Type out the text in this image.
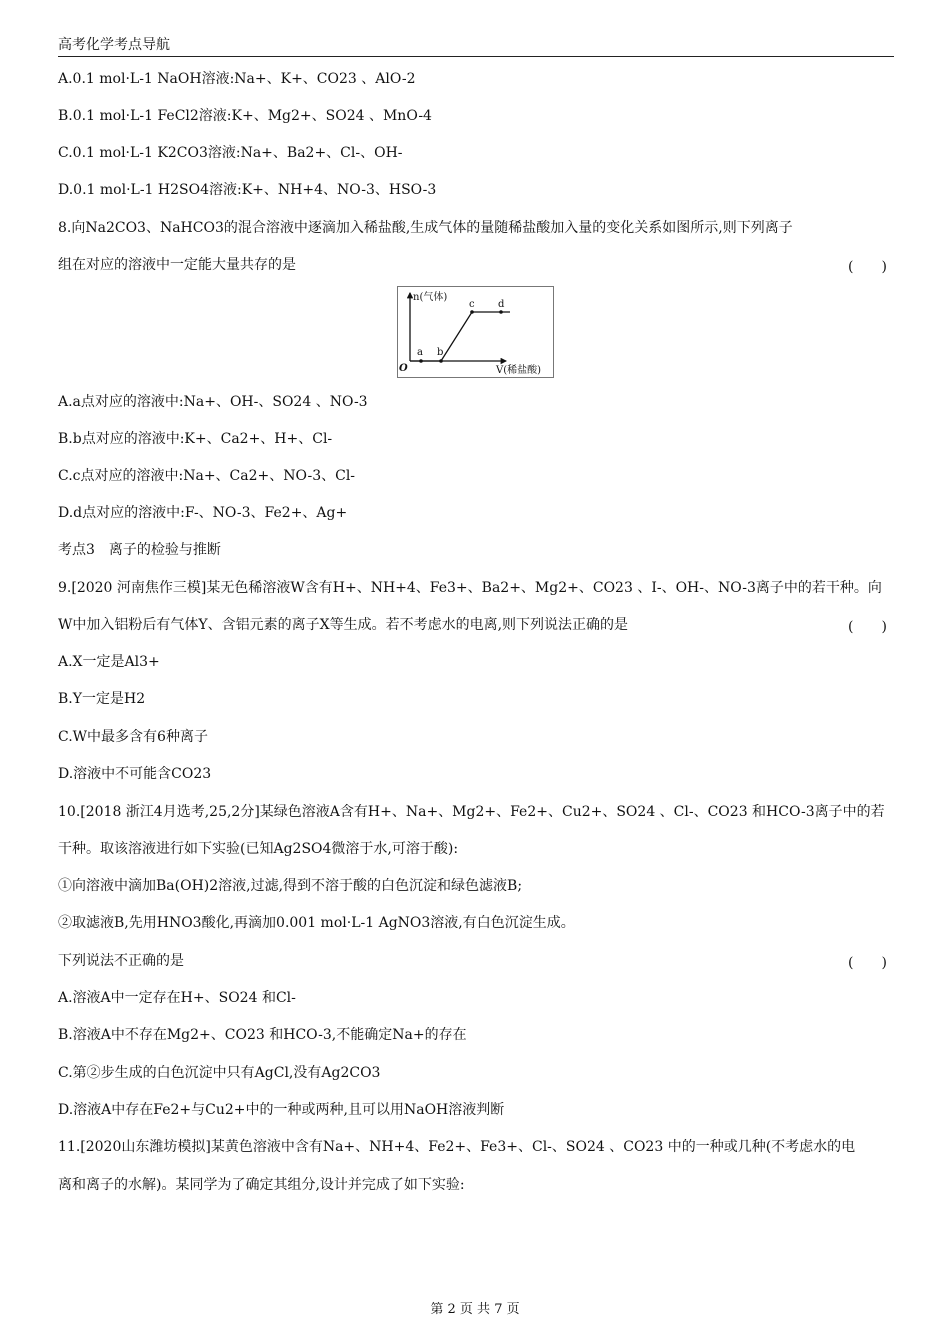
高考化学考点导航
A.0.1 mol·L-1 NaOH溶液:Na+、K+、CO23 、AlO-2
B.0.1 mol·L-1 FeCl2溶液:K+、Mg2+、SO24 、MnO-4
C.0.1 mol·L-1 K2CO3溶液:Na+、Ba2+、Cl-、OH-
D.0.1 mol·L-1 H2SO4溶液:K+、NH+4、NO-3、HSO-3
8.向Na2CO3、NaHCO3的混合溶液中逐滴加入稀盐酸,生成气体的量随稀盐酸加入量的变化关系如图所示,则下列离子
组在对应的溶液中一定能大量共存的是
A.a点对应的溶液中:Na+、OH-、SO24 、NO-3
B.b点对应的溶液中:K+、Ca2+、H+、Cl-
C.c点对应的溶液中:Na+、Ca2+、NO-3、Cl-
D.d点对应的溶液中:F-、NO-3、Fe2+、Ag+
考点3　离子的检验与推断
9.[2020 河南焦作三模]某无色稀溶液W含有H+、NH+4、Fe3+、Ba2+、Mg2+、CO23 、I-、OH-、NO-3离子中的若干种。向
W中加入铝粉后有气体Y、含铝元素的离子X等生成。若不考虑水的电离,则下列说法正确的是
A.X一定是Al3+
B.Y一定是H2
C.W中最多含有6种离子
D.溶液中不可能含CO23
10.[2018 浙江4月选考,25,2分]某绿色溶液A含有H+、Na+、Mg2+、Fe2+、Cu2+、SO24 、Cl-、CO23 和HCO-3离子中的若
干种。取该溶液进行如下实验(已知Ag2SO4微溶于水,可溶于酸):
①向溶液中滴加Ba(OH)2溶液,过滤,得到不溶于酸的白色沉淀和绿色滤液B;
②取滤液B,先用HNO3酸化,再滴加0.001 mol·L-1 AgNO3溶液,有白色沉淀生成。
下列说法不正确的是
A.溶液A中一定存在H+、SO24 和Cl-
B.溶液A中不存在Mg2+、CO23 和HCO-3,不能确定Na+的存在
C.第②步生成的白色沉淀中只有AgCl,没有Ag2CO3
D.溶液A中存在Fe2+与Cu2+中的一种或两种,且可以用NaOH溶液判断
11.[2020山东潍坊模拟]某黄色溶液中含有Na+、NH+4、Fe2+、Fe3+、Cl-、SO24 、CO23 中的一种或几种(不考虑水的电
离和离子的水解)。某同学为了确定其组分,设计并完成了如下实验:
(　　)
(　　)
(　　)
n(气体)
V(稀盐酸)
O
a b
c d
第 2 页 共 7 页
